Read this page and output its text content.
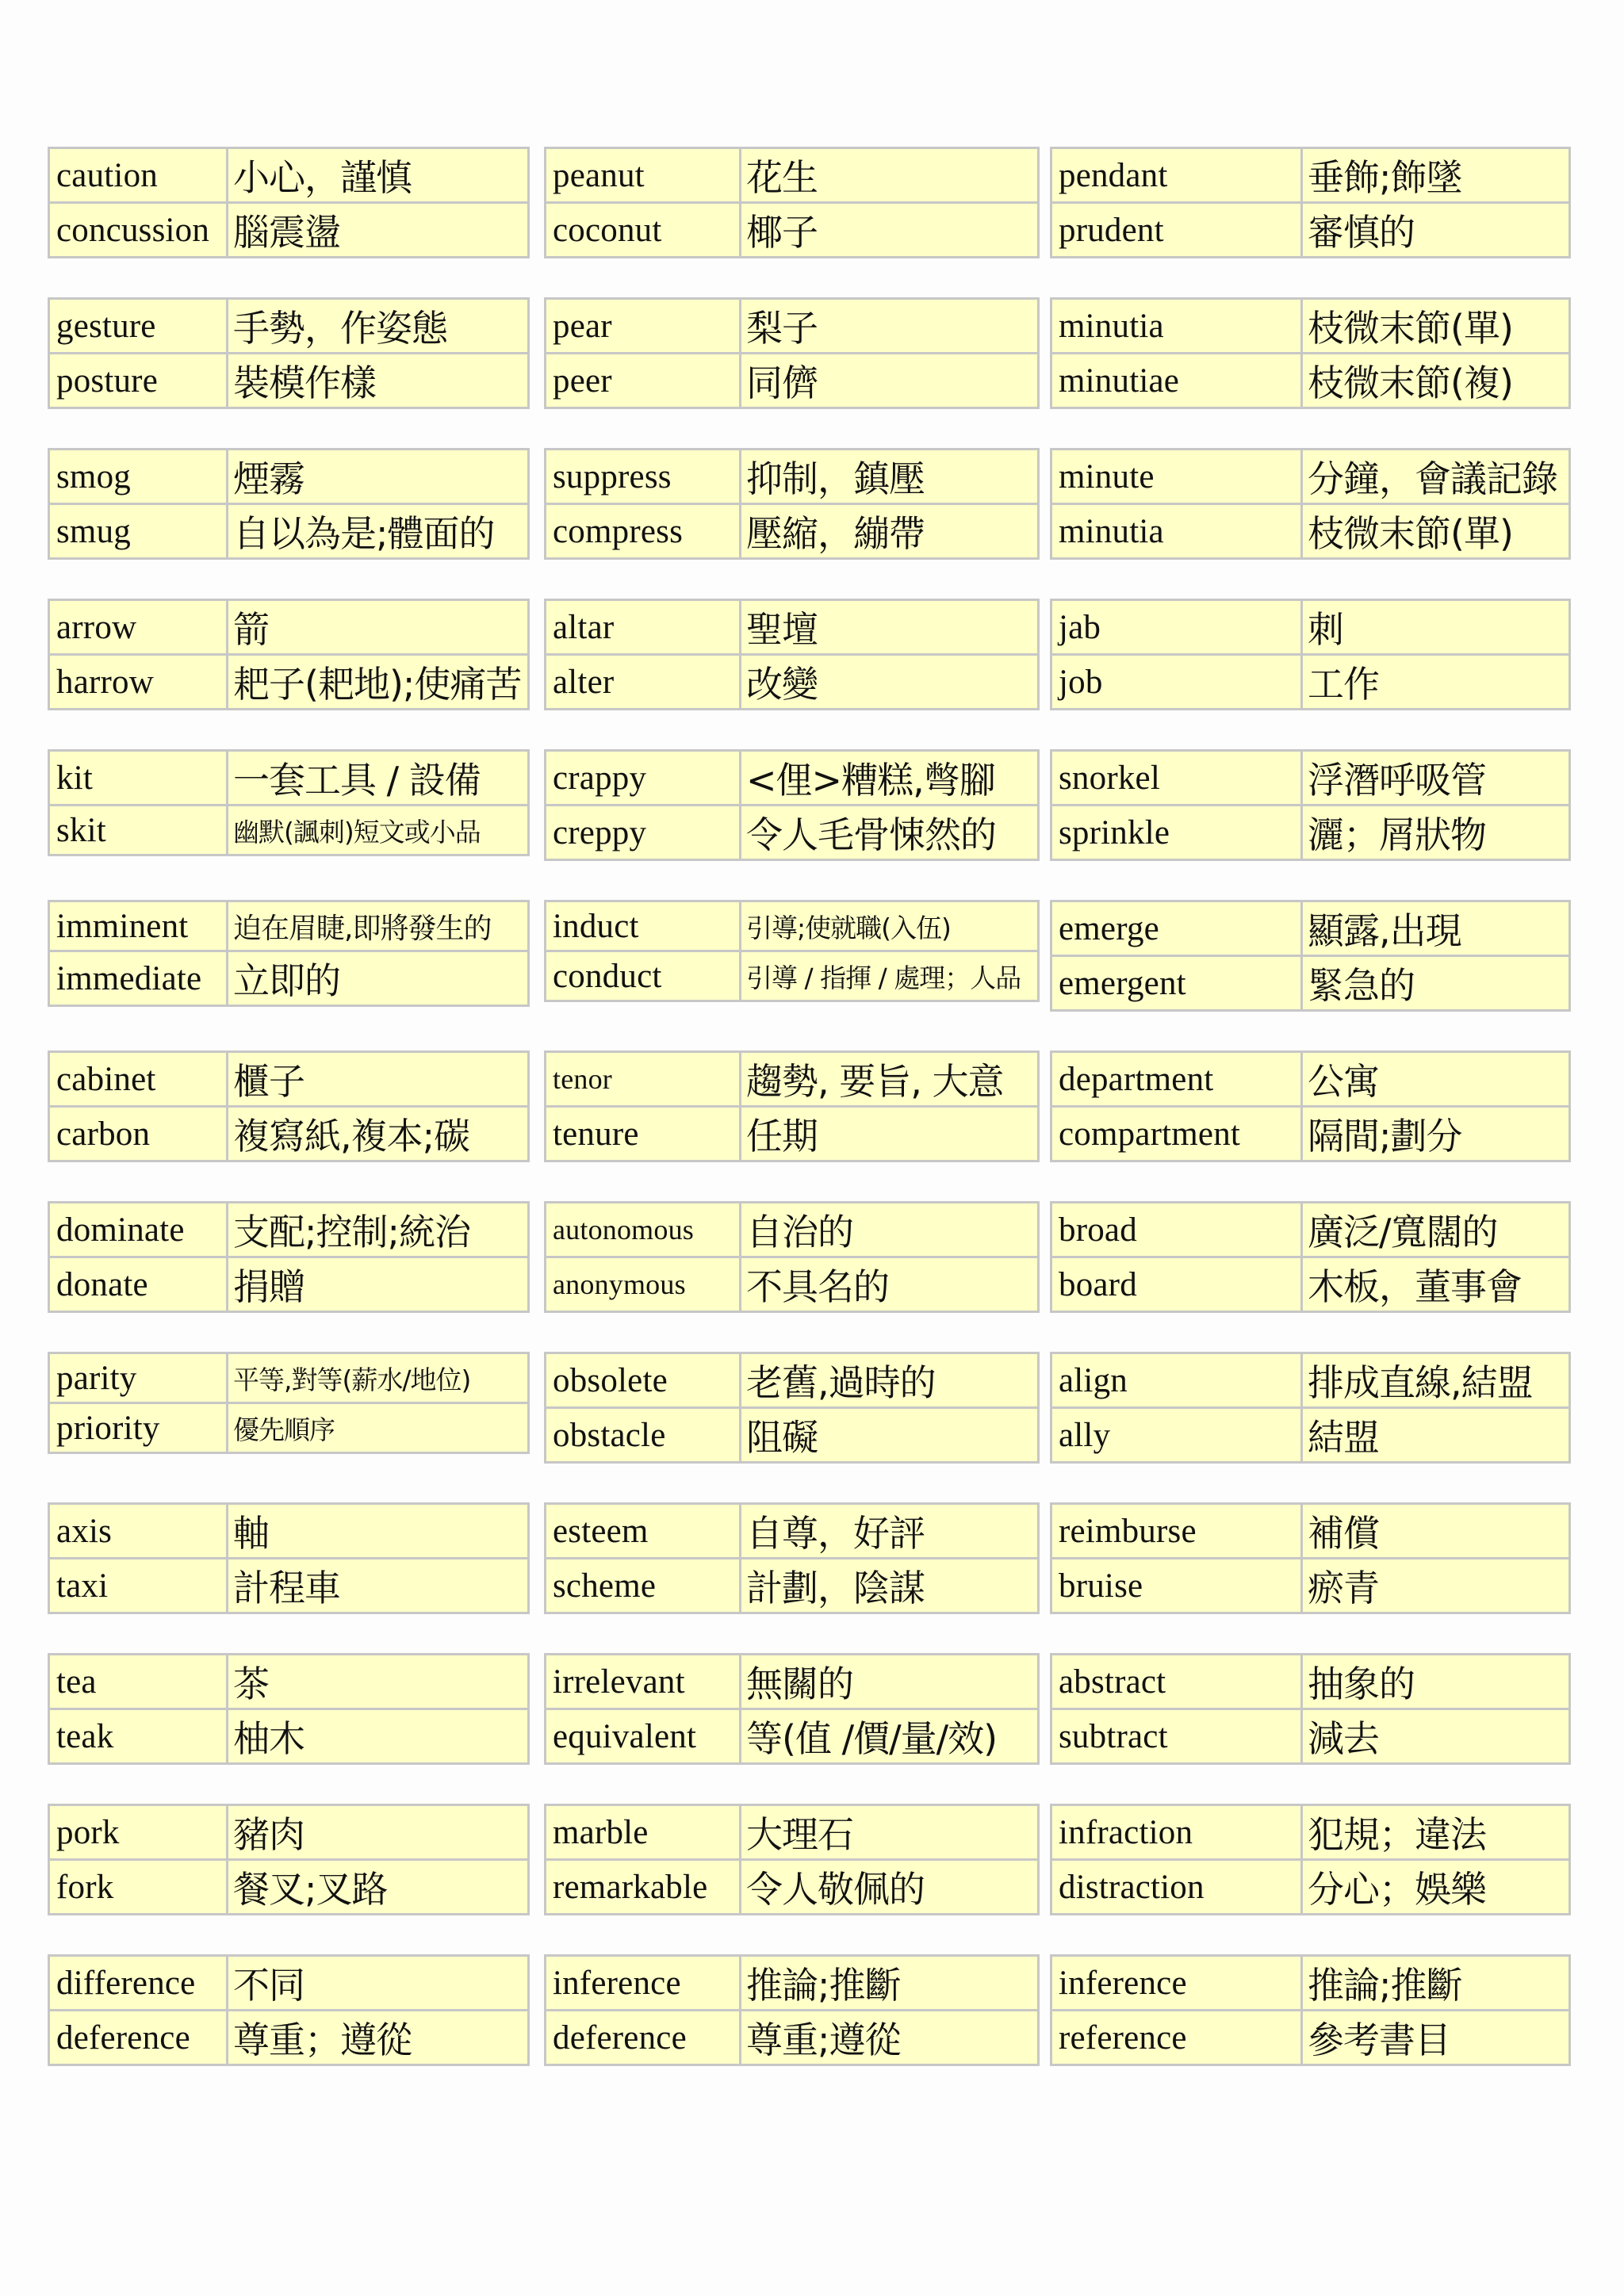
caution	小心，謹慎
concussion	腦震盪
peanut	花生
coconut	椰子
pendant	垂飾;飾墜
prudent	審慎的
gesture	手勢，作姿態
posture	裝模作樣
pear	梨子
peer	同儕
minutia	枝微末節(單)
minutiae	枝微末節(複)
smog	煙霧
smug	自以為是;體面的
suppress	抑制，鎮壓
compress	壓縮，繃帶
minute	分鐘，會議記錄
minutia	枝微末節(單)
arrow	箭
harrow	耙子(耙地);使痛苦
altar	聖壇
alter	改變
jab	刺
job	工作
kit	一套工具 / 設備
skit	幽默(諷刺)短文或小品
crappy	<俚>糟糕,彆腳
creppy	令人毛骨悚然的
snorkel	浮潛呼吸管
sprinkle	灑；屑狀物
imminent	迫在眉睫,即將發生的
immediate	立即的
induct	引導;使就職(入伍)
conduct	引導 / 指揮 / 處理；人品
emerge	顯露,出現
emergent	緊急的
cabinet	櫃子
carbon	複寫紙,複本;碳
tenor	趨勢, 要旨, 大意
tenure	任期
department	公寓
compartment	隔間;劃分
dominate	支配;控制;統治
donate	捐贈
autonomous	自治的
anonymous	不具名的
broad	廣泛/寬闊的
board	木板，董事會
parity	平等,對等(薪水/地位)
priority	優先順序
obsolete	老舊,過時的
obstacle	阻礙
align	排成直線,結盟
ally	結盟
axis	軸
taxi	計程車
esteem	自尊，好評
scheme	計劃，陰謀
reimburse	補償
bruise	瘀青
tea	茶
teak	柚木
irrelevant	無關的
equivalent	等(值 /價/量/效)
abstract	抽象的
subtract	減去
pork	豬肉
fork	餐叉;叉路
marble	大理石
remarkable	令人敬佩的
infraction	犯規；違法
distraction	分心；娛樂
difference	不同
deference	尊重；遵從
inference	推論;推斷
deference	尊重;遵從
inference	推論;推斷
reference	參考書目
